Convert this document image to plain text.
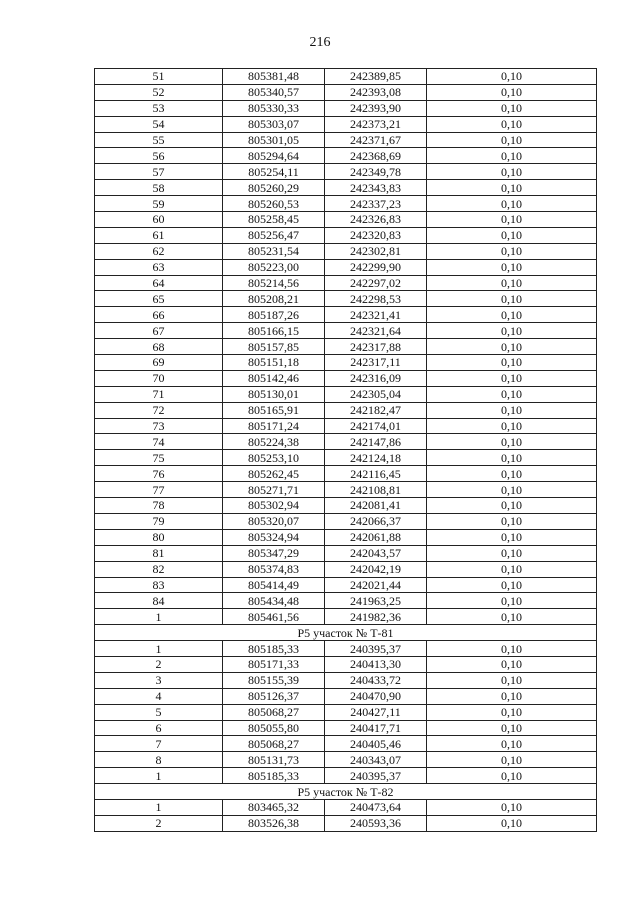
216
51	805381,48	242389,85	0,10
52	805340,57	242393,08	0,10
53	805330,33	242393,90	0,10
54	805303,07	242373,21	0,10
55	805301,05	242371,67	0,10
56	805294,64	242368,69	0,10
57	805254,11	242349,78	0,10
58	805260,29	242343,83	0,10
59	805260,53	242337,23	0,10
60	805258,45	242326,83	0,10
61	805256,47	242320,83	0,10
62	805231,54	242302,81	0,10
63	805223,00	242299,90	0,10
64	805214,56	242297,02	0,10
65	805208,21	242298,53	0,10
66	805187,26	242321,41	0,10
67	805166,15	242321,64	0,10
68	805157,85	242317,88	0,10
69	805151,18	242317,11	0,10
70	805142,46	242316,09	0,10
71	805130,01	242305,04	0,10
72	805165,91	242182,47	0,10
73	805171,24	242174,01	0,10
74	805224,38	242147,86	0,10
75	805253,10	242124,18	0,10
76	805262,45	242116,45	0,10
77	805271,71	242108,81	0,10
78	805302,94	242081,41	0,10
79	805320,07	242066,37	0,10
80	805324,94	242061,88	0,10
81	805347,29	242043,57	0,10
82	805374,83	242042,19	0,10
83	805414,49	242021,44	0,10
84	805434,48	241963,25	0,10
1	805461,56	241982,36	0,10
Р5 участок № Т-81			
1	805185,33	240395,37	0,10
2	805171,33	240413,30	0,10
3	805155,39	240433,72	0,10
4	805126,37	240470,90	0,10
5	805068,27	240427,11	0,10
6	805055,80	240417,71	0,10
7	805068,27	240405,46	0,10
8	805131,73	240343,07	0,10
1	805185,33	240395,37	0,10
Р5 участок № Т-82			
1	803465,32	240473,64	0,10
2	803526,38	240593,36	0,10
